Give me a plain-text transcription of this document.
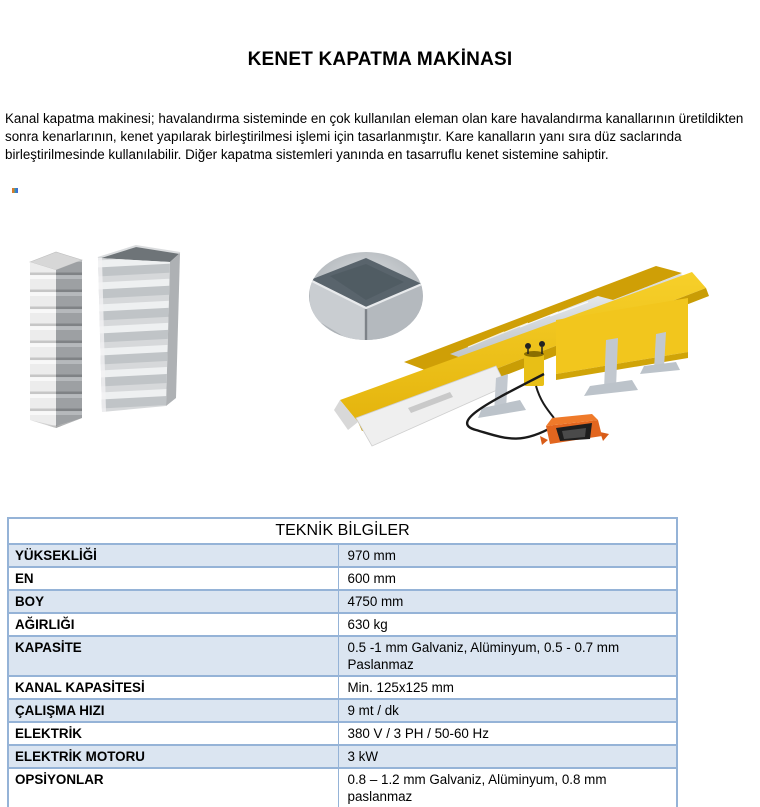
KENET KAPATMA MAKİNASI

Kanal kapatma makinesi; havalandırma sisteminde en çok kullanılan eleman olan kare havalandırma kanallarının üretildikten sonra kenarlarının, kenet yapılarak birleştirilmesi işlemi için tasarlanmıştır. Kare kanalların yanı sıra düz saclarında birleştirilmesinde kullanılabilir. Diğer kapatma sistemleri yanında en tasarruflu kenet sistemine sahiptir.

TEKNİK BİLGİLER	
YÜKSEKLİĞİ	970 mm
EN	600 mm
BOY	4750 mm
AĞIRLIĞI	630 kg
KAPASİTE	0.5 -1 mm Galvaniz, Alüminyum, 0.5 - 0.7 mm Paslanmaz
KANAL KAPASİTESİ	Min. 125x125 mm
ÇALIŞMA HIZI	9 mt / dk
ELEKTRİK	380 V / 3 PH / 50-60 Hz
ELEKTRİK MOTORU	3 kW
OPSİYONLAR	0.8 – 1.2 mm Galvaniz, Alüminyum, 0.8 mm paslanmaz
